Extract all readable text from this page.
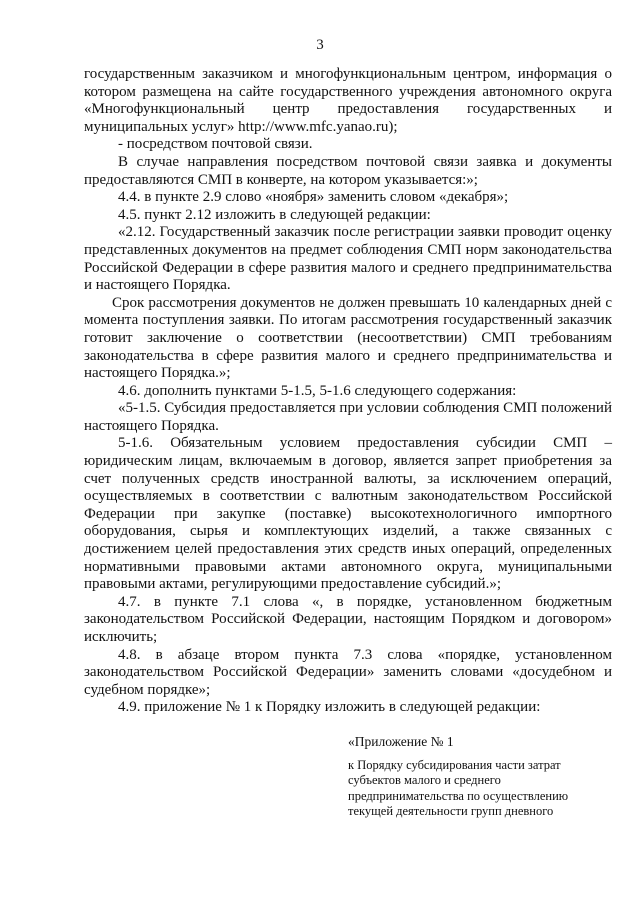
3

государственным заказчиком и многофункциональным центром, информация о котором размещена на сайте государственного учреждения автономного округа «Многофункциональный центр предоставления государственных и муниципальных услуг» http://www.mfc.yanao.ru);

- посредством почтовой связи.

В случае направления посредством почтовой связи заявка и документы предоставляются СМП в конверте, на котором указывается:»;

4.4. в пункте 2.9 слово «ноября» заменить словом «декабря»;

4.5. пункт 2.12 изложить в следующей редакции:

«2.12. Государственный заказчик после регистрации заявки проводит оценку представленных документов на предмет соблюдения СМП норм законодательства Российской Федерации в сфере развития малого и среднего предпринимательства и настоящего Порядка.

Срок рассмотрения документов не должен превышать 10 календарных дней с момента поступления заявки. По итогам рассмотрения государственный заказчик готовит заключение о соответствии (несоответствии) СМП требованиям законодательства в сфере развития малого и среднего предпринимательства и настоящего Порядка.»;

4.6. дополнить пунктами 5-1.5, 5-1.6 следующего содержания:

«5-1.5. Субсидия предоставляется при условии соблюдения СМП положений настоящего Порядка.

5-1.6. Обязательным условием предоставления субсидии СМП – юридическим лицам, включаемым в договор, является запрет приобретения за счет полученных средств иностранной валюты, за исключением операций, осуществляемых в соответствии с валютным законодательством Российской Федерации при закупке (поставке) высокотехнологичного импортного оборудования, сырья и комплектующих изделий, а также связанных с достижением целей предоставления этих средств иных операций, определенных нормативными правовыми актами автономного округа, муниципальными правовыми актами, регулирующими предоставление субсидий.»;

4.7. в пункте 7.1 слова «, в порядке, установленном бюджетным законодательством Российской Федерации, настоящим Порядком и договором» исключить;

4.8. в абзаце втором пункта 7.3 слова «порядке, установленном законодательством Российской Федерации» заменить словами «досудебном и судебном порядке»;

4.9. приложение № 1 к Порядку изложить в следующей редакции:

«Приложение № 1

к Порядку субсидирования части затрат

субъектов малого и среднего

предпринимательства по осуществлению

текущей деятельности групп дневного
